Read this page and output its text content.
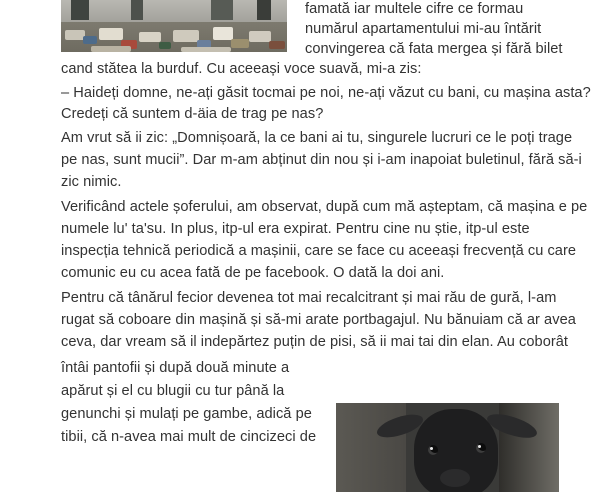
famată iar multele cifre ce formau
numărul apartamentului mi-au întărit
convingerea că fata mergea și fără bilet
cand stătea la burduf. Cu aceeași voce suavă, mi-a zis:
– Haideți domne, ne-ați găsit tocmai pe noi, ne-ați văzut cu bani, cu mașina asta?
Credeți că suntem d-äia de trag pe nas?
Am vrut să ii zic: „Domnișoară, la ce bani ai tu, singurele lucruri ce le poți trage
pe nas, sunt mucii”. Dar m-am abținut din nou și i-am inapoiat buletinul, fără să-i
zic nimic.
Verificând actele șoferului, am observat, după cum mă așteptam, că mașina e pe
numele lu' ta'su. In plus, itp-ul era expirat. Pentru cine nu știe, itp-ul este
inspecția tehnică periodică a mașinii, care se face cu aceeași frecvență cu care
comunic eu cu acea fată de pe facebook. O dată la doi ani.
Pentru că tânărul fecior devenea tot mai recalcitrant și mai rău de gură, l-am
rugat să coboare din mașină și să-mi arate portbagajul. Nu bănuiam că ar avea
ceva, dar vream să il indepărtez puțin de pisi, să ii mai tai din elan. Au coborât
întâi pantofii și după două minute a
apărut și el cu blugii cu tur până la
genunchi și mulați pe gambe, adică pe
tibii, că n-avea mai mult de cincizeci de
